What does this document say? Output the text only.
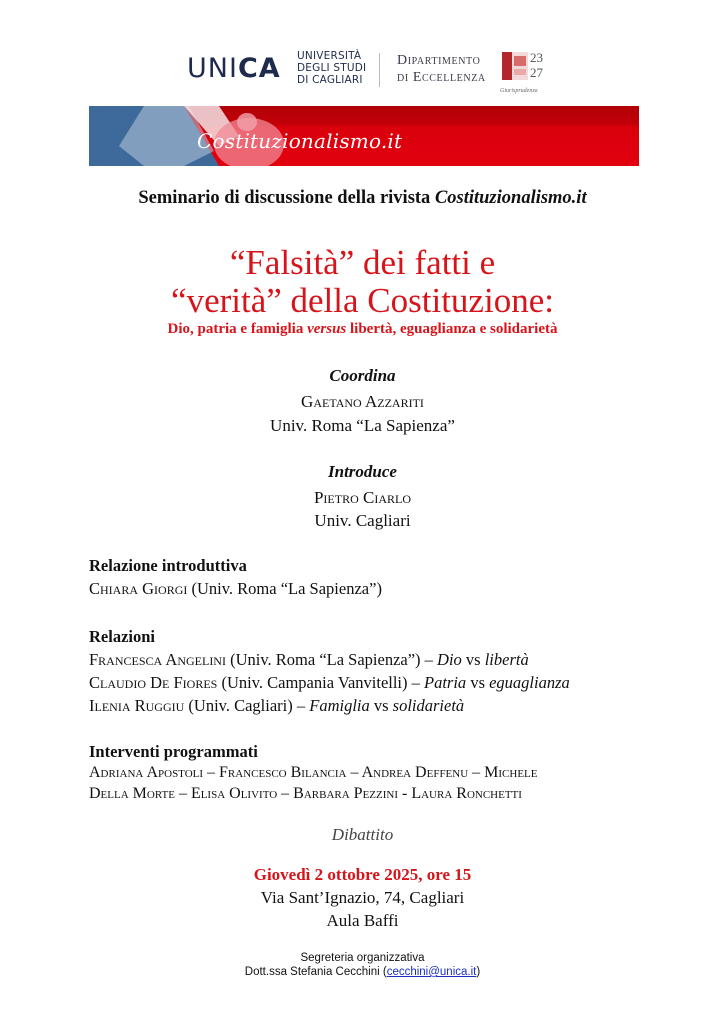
UNICA UNIVERSITÀ
DEGLI STUDI
DI CAGLIARI
Dipartimento
di Eccellenza
23
27
Giurisprudenza
Costituzionalismo.it
Seminario di discussione della rivista Costituzionalismo.it
“Falsità” dei fatti e
“verità” della Costituzione:
Dio, patria e famiglia versus libertà, eguaglianza e solidarietà
Coordina
Gaetano Azzariti
Univ. Roma “La Sapienza”
Introduce
Pietro Ciarlo
Univ. Cagliari
Relazione introduttiva
Chiara Giorgi (Univ. Roma “La Sapienza”)
Relazioni
Francesca Angelini (Univ. Roma “La Sapienza”) – Dio vs libertà
Claudio De Fiores (Univ. Campania Vanvitelli) – Patria vs eguaglianza
Ilenia Ruggiu (Univ. Cagliari) – Famiglia vs solidarietà
Interventi programmati
Adriana Apostoli – Francesco Bilancia – Andrea Deffenu – Michele
Della Morte – Elisa Olivito – Barbara Pezzini - Laura Ronchetti
Dibattito
Giovedì 2 ottobre 2025, ore 15
Via Sant’Ignazio, 74, Cagliari
Aula Baffi
Segreteria organizzativa
Dott.ssa Stefania Cecchini (cecchini@unica.it)
